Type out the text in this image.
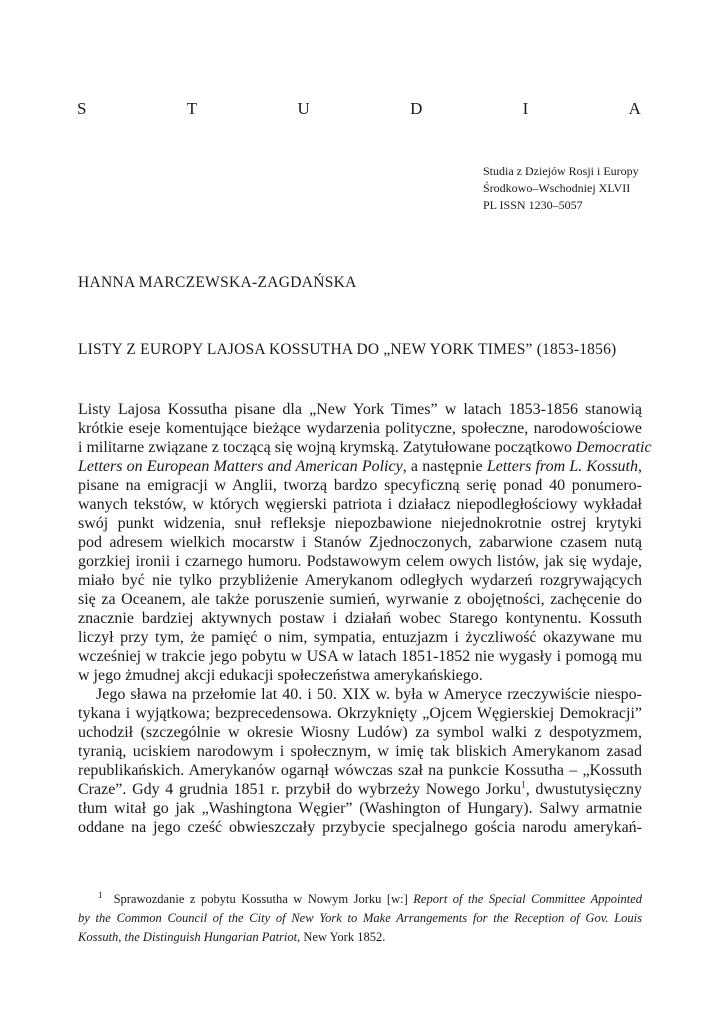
S	T	U	D	I	A
Studia z Dziejów Rosji i Europy
Środkowo–Wschodniej XLVII
PL ISSN 1230–5057
HANNA MARCZEWSKA-ZAGDAŃSKA
LISTY Z EUROPY LAJOSA KOSSUTHA DO „NEW YORK TIMES” (1853-1856)
Listy Lajosa Kossutha pisane dla „New York Times” w latach 1853-1856 stanowią
krótkie eseje komentujące bieżące wydarzenia polityczne, społeczne, narodowościowe
i militarne związane z toczącą się wojną krymską. Zatytułowane początkowo Democratic
Letters on European Matters and American Policy, a następnie Letters from L. Kossuth,
pisane na emigracji w Anglii, tworzą bardzo specyficzną serię ponad 40 ponumero-
wanych tekstów, w których węgierski patriota i działacz niepodległościowy wykładał
swój punkt widzenia, snuł refleksje niepozbawione niejednokrotnie ostrej krytyki
pod adresem wielkich mocarstw i Stanów Zjednoczonych, zabarwione czasem nutą
gorzkiej ironii i czarnego humoru. Podstawowym celem owych listów, jak się wydaje,
miało być nie tylko przybliżenie Amerykanom odległych wydarzeń rozgrywających
się za Oceanem, ale także poruszenie sumień, wyrwanie z obojętności, zachęcenie do
znacznie bardziej aktywnych postaw i działań wobec Starego kontynentu. Kossuth
liczył przy tym, że pamięć o nim, sympatia, entuzjazm i życzliwość okazywane mu
wcześniej w trakcie jego pobytu w USA w latach 1851-1852 nie wygasły i pomogą mu
w jego żmudnej akcji edukacji społeczeństwa amerykańskiego.
Jego sława na przełomie lat 40. i 50. XIX w. była w Ameryce rzeczywiście niespo-
tykana i wyjątkowa; bezprecedensowa. Okrzyknięty „Ojcem Węgierskiej Demokracji”
uchodził (szczególnie w okresie Wiosny Ludów) za symbol walki z despotyzmem,
tyranią, uciskiem narodowym i społecznym, w imię tak bliskich Amerykanom zasad
republikańskich. Amerykanów ogarnął wówczas szał na punkcie Kossutha – „Kossuth
Craze”. Gdy 4 grudnia 1851 r. przybił do wybrzeży Nowego Jorku$^1$, dwustutysięczny
tłum witał go jak „Washingtona Węgier” (Washington of Hungary). Salwy armatnie
oddane na jego cześć obwieszczały przybycie specjalnego gościa narodu amerykań-
$^1$ Sprawozdanie z pobytu Kossutha w Nowym Jorku [w:] Report of the Special Committee Appointed
by the Common Council of the City of New York to Make Arrangements for the Reception of Gov. Louis
Kossuth, the Distinguish Hungarian Patriot, New York 1852.
